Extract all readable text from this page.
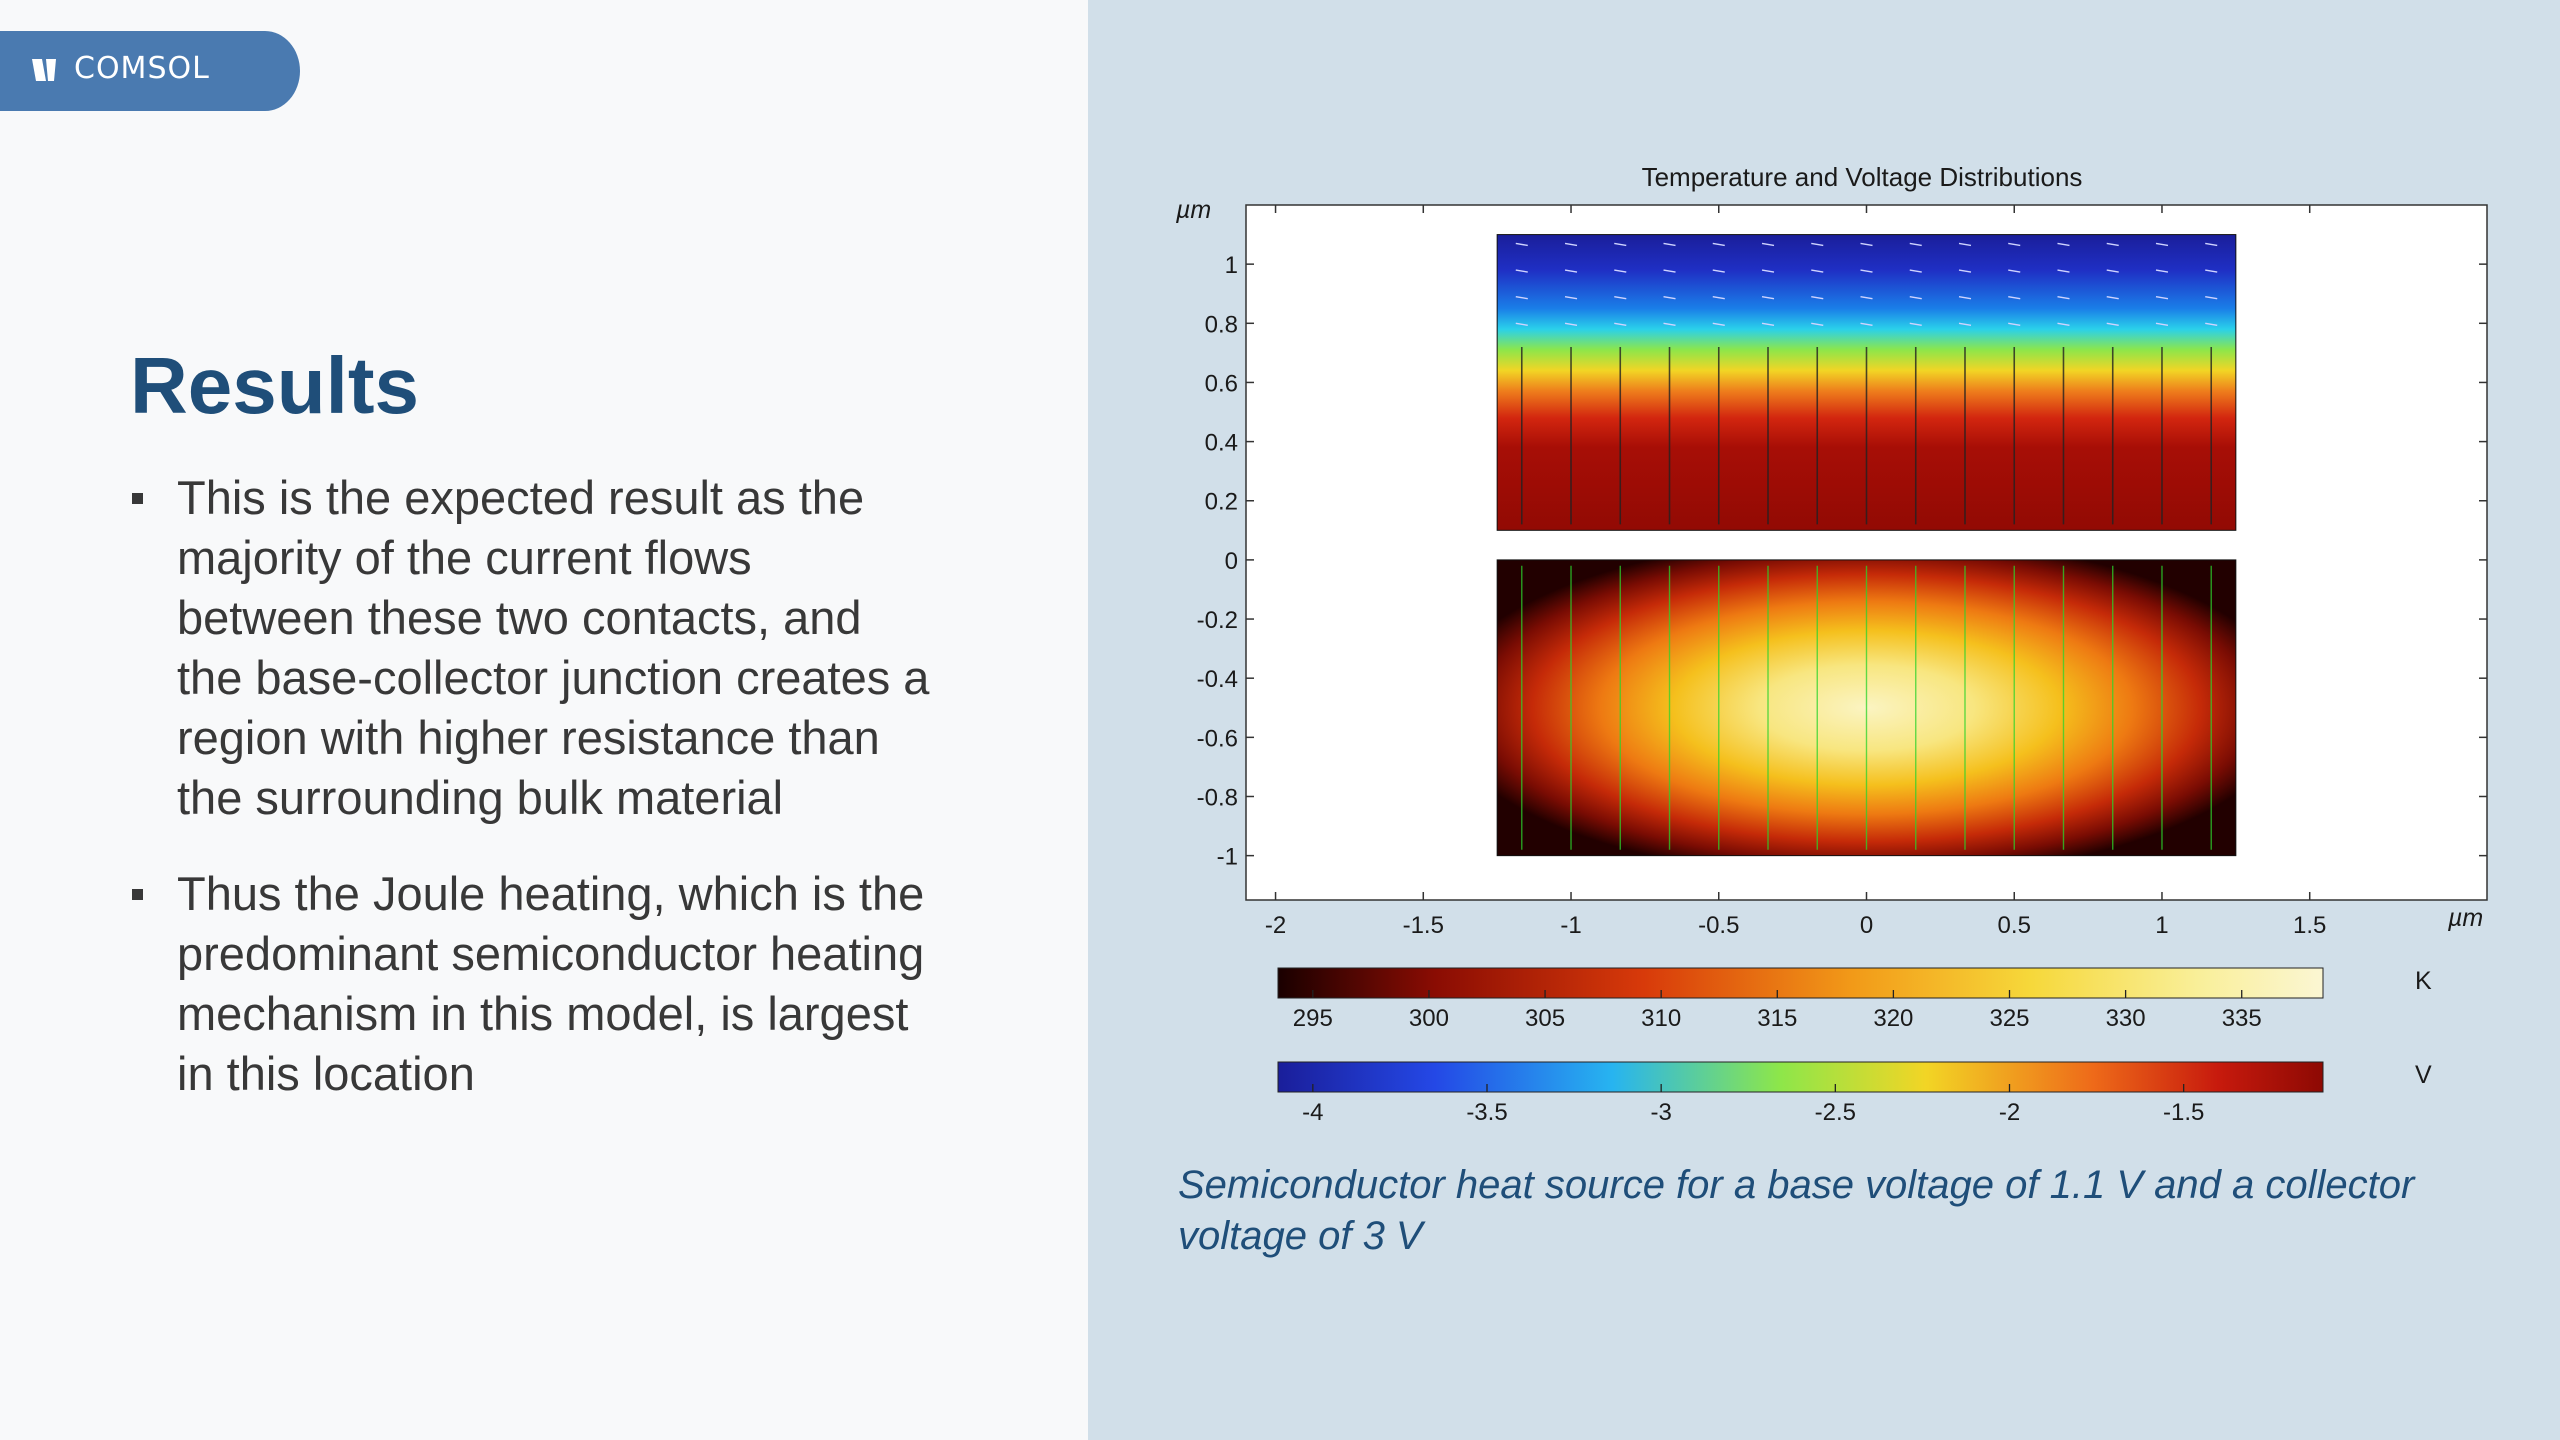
COMSOL
Results
This is the expected result as the majority of the current flows between these two contacts, and the base-collector junction creates a region with higher resistance than the surrounding bulk material
Thus the Joule heating, which is the predominant semiconductor heating mechanism in this model, is largest in this location
Temperature and Voltage Distributions
µm
µm
-2	-1.5	-1	-0.5	0	0.5	1	1.5
1
0.8
0.6
0.4
0.2
0
-0.2
-0.4
-0.6
-0.8
-1
K
295	300	305	310	315	320	325	330	335
V
-4	-3.5	-3	-2.5	-2	-1.5

Semiconductor heat source for a base voltage of 1.1 V and a collector voltage of 3 V
